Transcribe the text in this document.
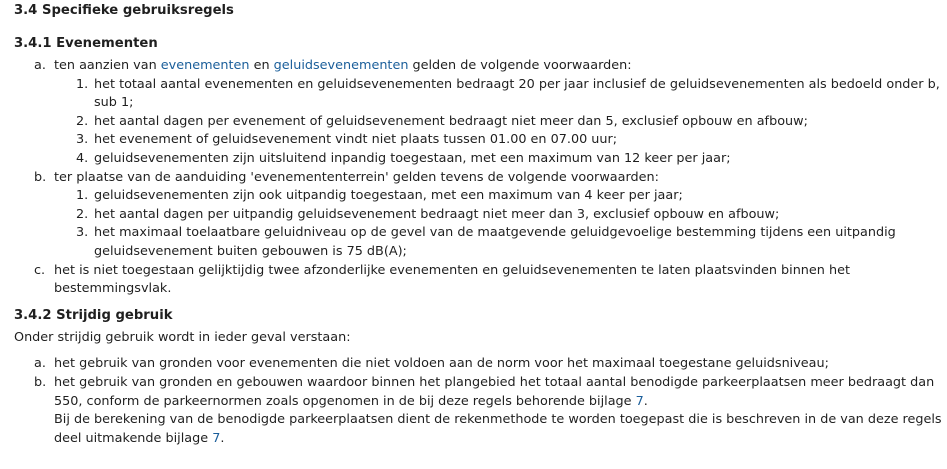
3.4 Specifieke gebruiksregels
3.4.1 Evenementen
a. ten aanzien van evenementen en geluidsevenementen gelden de volgende voorwaarden:
1. het totaal aantal evenementen en geluidsevenementen bedraagt 20 per jaar inclusief de geluidsevenementen als bedoeld onder b, sub 1;
2. het aantal dagen per evenement of geluidsevenement bedraagt niet meer dan 5, exclusief opbouw en afbouw;
3. het evenement of geluidsevenement vindt niet plaats tussen 01.00 en 07.00 uur;
4. geluidsevenementen zijn uitsluitend inpandig toegestaan, met een maximum van 12 keer per jaar;
b. ter plaatse van de aanduiding 'evenemententerrein' gelden tevens de volgende voorwaarden:
1. geluidsevenementen zijn ook uitpandig toegestaan, met een maximum van 4 keer per jaar;
2. het aantal dagen per uitpandig geluidsevenement bedraagt niet meer dan 3, exclusief opbouw en afbouw;
3. het maximaal toelaatbare geluidniveau op de gevel van de maatgevende geluidgevoelige bestemming tijdens een uitpandig geluidsevenement buiten gebouwen is 75 dB(A);
c. het is niet toegestaan gelijktijdig twee afzonderlijke evenementen en geluidsevenementen te laten plaatsvinden binnen het bestemmingsvlak.
3.4.2 Strijdig gebruik
Onder strijdig gebruik wordt in ieder geval verstaan:
a. het gebruik van gronden voor evenementen die niet voldoen aan de norm voor het maximaal toegestane geluidsniveau;
b. het gebruik van gronden en gebouwen waardoor binnen het plangebied het totaal aantal benodigde parkeerplaatsen meer bedraagt dan 550, conform de parkeernormen zoals opgenomen in de bij deze regels behorende bijlage 7.
Bij de berekening van de benodigde parkeerplaatsen dient de rekenmethode te worden toegepast die is beschreven in de van deze regels deel uitmakende bijlage 7.
